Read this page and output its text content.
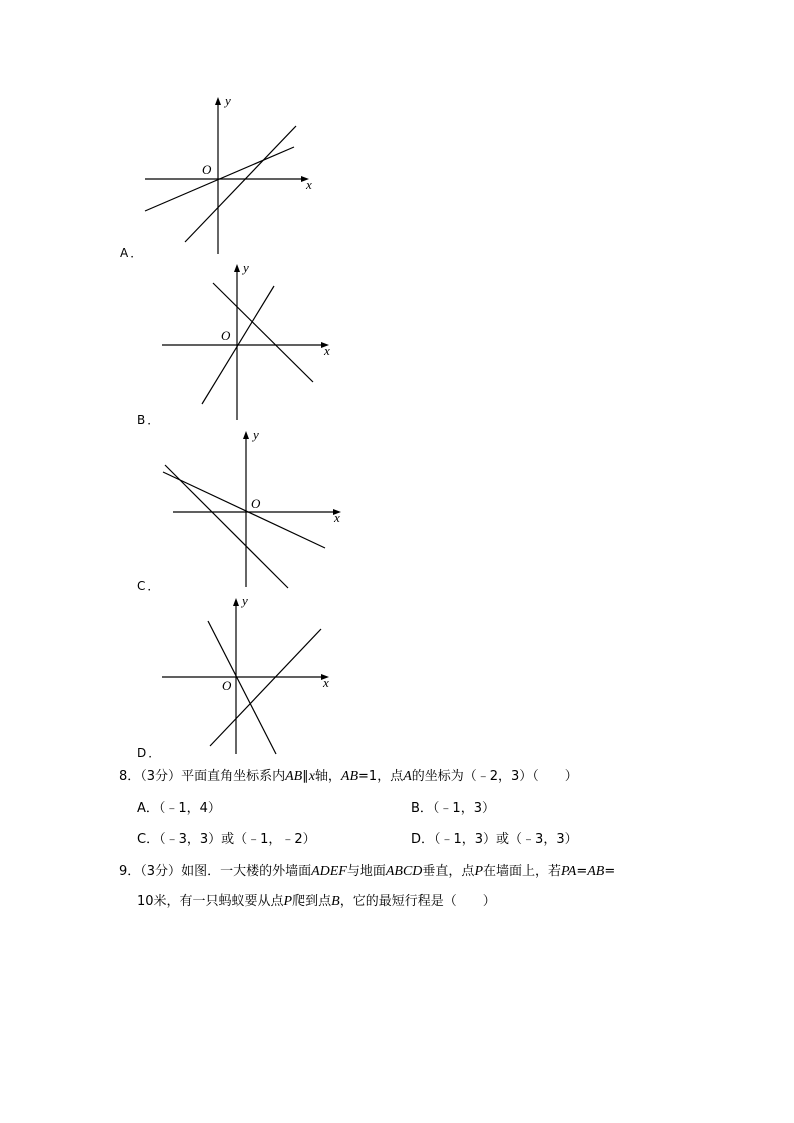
y
x
O
A．
y
x
O
B．
y
x
O
C．
y
x
O
D．
8．（3分）平面直角坐标系内AB∥x轴，AB=1，点A的坐标为（﹣2，3）（　　）
A．（﹣1，4）	B．（﹣1，3）
C．（﹣3，3）或（﹣1，﹣2）	D．（﹣1，3）或（﹣3，3）
9．（3分）如图．一大楼的外墙面ADEF与地面ABCD垂直，点P在墙面上，若PA=AB=
10米，有一只蚂蚁要从点P爬到点B，它的最短行程是（　　）
